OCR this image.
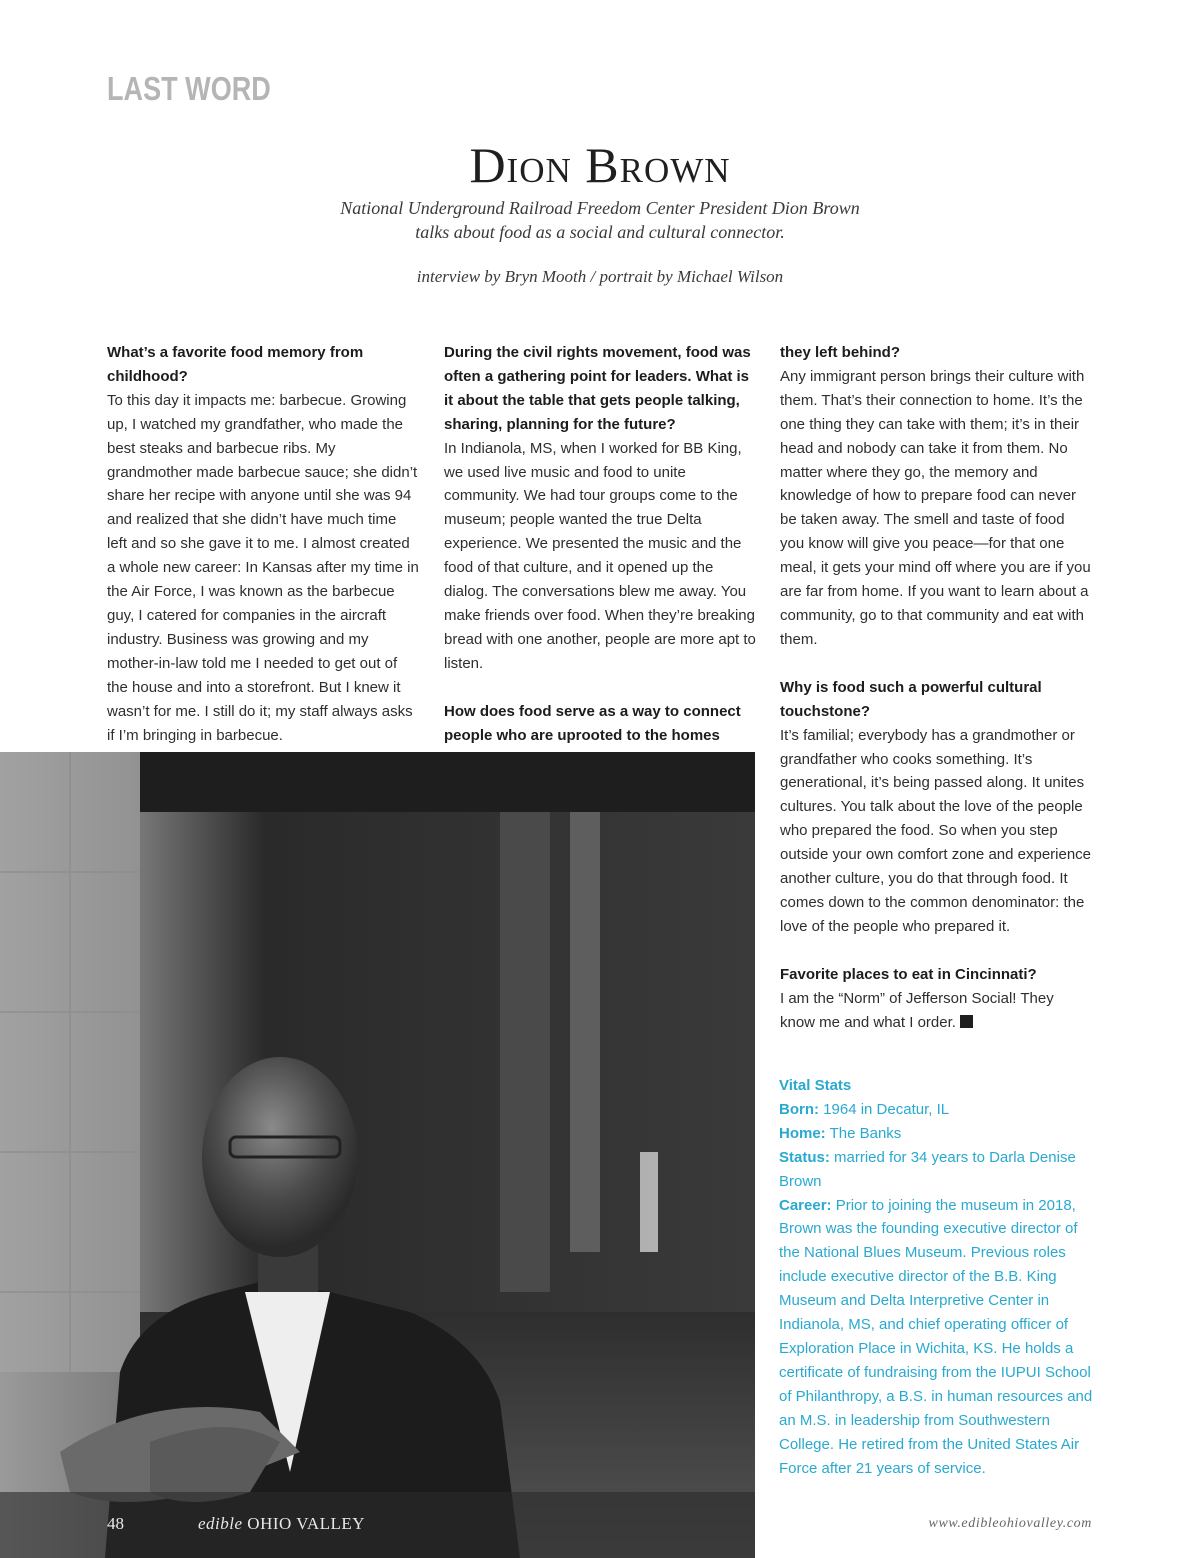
LAST WORD
Dion Brown
National Underground Railroad Freedom Center President Dion Brown
talks about food as a social and cultural connector.
interview by Bryn Mooth / portrait by Michael Wilson

What’s a favorite food memory from childhood?

To this day it impacts me: barbecue. Growing up, I watched my grandfather, who made the best steaks and barbecue ribs. My grandmother made barbecue sauce; she didn’t share her recipe with anyone until she was 94 and realized that she didn’t have much time left and so she gave it to me. I almost created a whole new career: In Kansas after my time in the Air Force, I was known as the barbecue guy, I catered for companies in the aircraft industry. Business was growing and my mother-in-law told me I needed to get out of the house and into a storefront. But I knew it wasn’t for me. I still do it; my staff always asks if I’m bringing in barbecue.

During the civil rights movement, food was often a gathering point for leaders. What is it about the table that gets people talking, sharing, planning for the future?

In Indianola, MS, when I worked for BB King, we used live music and food to unite community. We had tour groups come to the museum; people wanted the true Delta experience. We presented the music and the food of that culture, and it opened up the dialog. The conversations blew me away. You make friends over food. When they’re breaking bread with one another, people are more apt to listen.

How does food serve as a way to connect people who are uprooted to the homes

they left behind?

Any immigrant person brings their culture with them. That’s their connection to home. It’s the one thing they can take with them; it’s in their head and nobody can take it from them. No matter where they go, the memory and knowledge of how to prepare food can never be taken away. The smell and taste of food you know will give you peace—for that one meal, it gets your mind off where you are if you are far from home. If you want to learn about a community, go to that community and eat with them.

Why is food such a powerful cultural touchstone?

It’s familial; everybody has a grandmother or grandfather who cooks something. It’s generational, it’s being passed along. It unites cultures. You talk about the love of the people who prepared the food. So when you step outside your own comfort zone and experience another culture, you do that through food. It comes down to the common denominator: the love of the people who prepared it.

Favorite places to eat in Cincinnati?

I am the “Norm” of Jefferson Social! They know me and what I order.

Vital Stats
Born: 1964 in Decatur, IL
Home: The Banks
Status: married for 34 years to Darla Denise Brown
Career: Prior to joining the museum in 2018, Brown was the founding executive director of the National Blues Museum. Previous roles include executive director of the B.B. King Museum and Delta Interpretive Center in Indianola, MS, and chief operating officer of Exploration Place in Wichita, KS. He holds a certificate of fundraising from the IUPUI School of Philanthropy, a B.S. in human resources and an M.S. in leadership from Southwestern College. He retired from the United States Air Force after 21 years of service.
48	edible OHIO VALLEY	www.edibleohiovalley.com
